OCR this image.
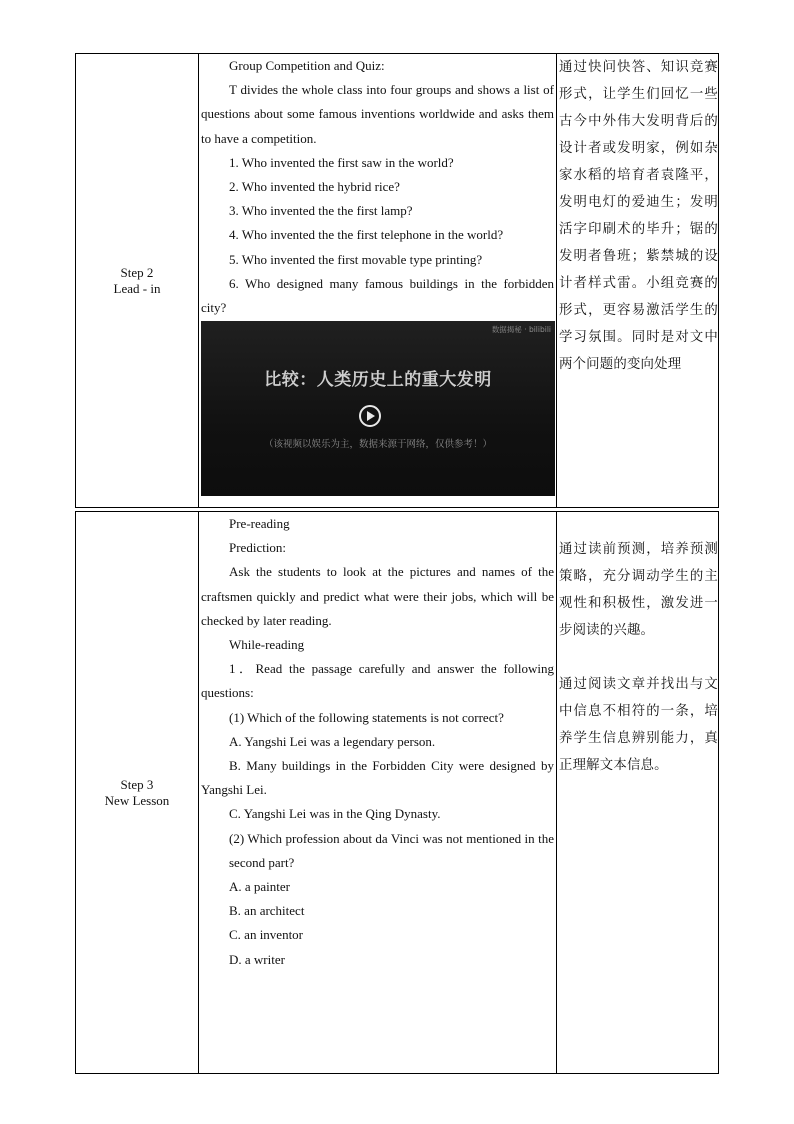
Step 2
Lead - in

Group Competition and Quiz:

T divides the whole class into four groups and shows a list of questions about some famous inventions worldwide and asks them to have a competition.

1. Who invented the first saw in the world?

2. Who invented the hybrid rice?

3. Who invented the the first lamp?

4. Who invented the the first telephone in the world?

5. Who invented the first movable type printing?

6. Who designed many famous buildings in the forbidden city?

数据揭秘 · bilibili
比较：人类历史上的重大发明
（该视频以娱乐为主，数据来源于网络，仅供参考！）

通过快问快答、知识竞赛形式，让学生们回忆一些古今中外伟大发明背后的设计者或发明家，例如杂家水稻的培育者袁隆平，发明电灯的爱迪生；发明活字印刷术的毕升；锯的发明者鲁班；紫禁城的设计者样式雷。小组竞赛的形式，更容易激活学生的学习氛围。同时是对文中两个问题的变向处理

Step 3
New Lesson

Pre-reading

Prediction:

Ask the students to look at the pictures and names of the craftsmen quickly and predict what were their jobs, which will be checked by later reading.

While-reading

1．Read the passage carefully and answer the following questions:

(1) Which of the following statements is not correct?

A. Yangshi Lei was a legendary person.

B. Many buildings in the Forbidden City were designed by Yangshi Lei.

C. Yangshi Lei was in the Qing Dynasty.

(2) Which profession about da Vinci was not mentioned in the second part?

A. a painter

B. an architect

C. an inventor

D. a writer

通过读前预测，培养预测策略，充分调动学生的主观性和积极性，激发进一步阅读的兴趣。

通过阅读文章并找出与文中信息不相符的一条，培养学生信息辨别能力，真正理解文本信息。
